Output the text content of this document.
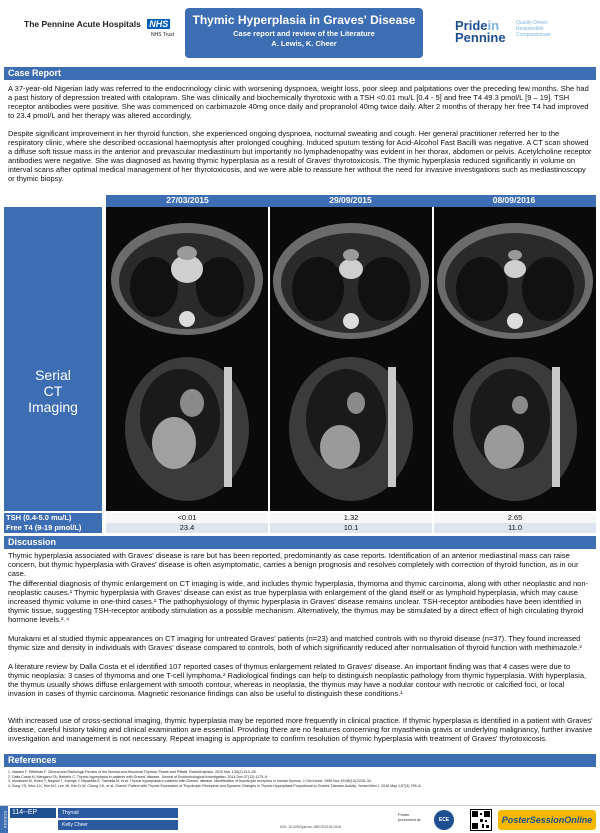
The Pennine Acute Hospitals NHS
NHS Trust
Thymic Hyperplasia in Graves' Disease
Case report and review of the Literature
A. Lewis, K. Cheer
Pridein
Pennine
Quality-Driven
Responsible
Compassionate
Case Report

A 37-year-old Nigerian lady was referred to the endocrinology clinic with worsening dyspnoea, weight loss, poor sleep and palpitations over the preceding few months. She had a past history of depression treated with citalopram. She was clinically and biochemically thyrotoxic with a TSH <0.01 mu/L [0.4 - 5] and free T4 49.3 pmol/L [9 – 19]. TSH receptor antibodies were positive. She was commenced on carbimazole 40mg once daily and propranolol 40mg twice daily. After 2 months of therapy her free T4 had improved to 23.4 pmol/L and her therapy was altered accordingly.

Despite significant improvement in her thyroid function, she experienced ongoing dyspnoea, nocturnal sweating and cough. Her general practitioner referred her to the respiratory clinic, where she described occasional haemoptysis after prolonged coughing. Induced sputum testing for Acid-Alcohol Fast Bacilli was negative. A CT scan showed a diffuse soft tissue mass in the anterior and prevascular mediastinum but importantly no lymphadenopathy was evident in her thorax, abdomen or pelvis. Acetylcholine receptor antibodies were negative. She was diagnosed as having thymic hyperplasia as a result of Graves' thyrotoxicosis. The thymic hyperplasia reduced significantly in volume on interval scans after optimal medical management of her thyrotoxicosis, and we were able to reassure her without the need for invasive investigations such as mediastinoscopy or thymic biopsy.

27/03/2015	29/09/2015	08/09/2016
Serial
CT
Imaging
TSH (0.4-5.0 mu/L)	<0.01	1.32	2.65
Free T4 (9-19 pmol/L)	23.4	10.1	11.0
Discussion

Thymic hyperplasia associated with Graves' disease is rare but has been reported, predominantly as case reports. Identification of an anterior mediastinal mass can raise concern, but thymic hyperplasia with Graves' disease is often asymptomatic, carries a benign prognosis and resolves completely with correction of thyroid function, as in our case.

The differential diagnosis of thymic enlargement on CT imaging is wide, and includes thymic hyperplasia, thymoma and thymic carcinoma, along with other neoplastic and non-neoplastic causes.¹ Thymic hyperplasia with Graves' disease can exist as true hyperplasia with enlargement of the gland itself or as lymphoid hyperplasia, which may cause increased thymic volume in one-third cases.² The pathophysiology of thymic hyperplasia in Graves' disease remains unclear. TSH-receptor antibodies have been identified in thymic tissue, suggesting TSH-receptor antibody stimulation as a possible mechanism. Alternatively, the thymus may be stimulated by a direct effect of high circulating thyroid hormone levels.²˒⁴

Murakami et al studied thymic appearances on CT imaging for untreated Graves' patients (n=23) and matched controls with no thyroid disease (n=37). They found increased thymic size and density in individuals with Graves' disease compared to controls, both of which significantly reduced after normalisation of thyroid function with methimazole.³

A literature review by Dalla Costa et el identified 107 reported cases of thymus enlargement related to Graves' disease. An important finding was that 4 cases were due to thymic neoplasia: 3 cases of thymoma and one T-cell lymphoma.² Radiological findings can help to distinguish neoplastic pathology from thymic hyperplasia. With hyperplasia, the thymus usually shows diffuse enlargement with smooth contour, whereas in neoplasia, the thymus may have a nodular contour with necrotic or calcified foci, or local invasion in cases of thymic carcinoma. Magnetic resonance findings can also be useful to distinguish these conditions.¹

With increased use of cross-sectional imaging, thymic hyperplasia may be reported more frequently in clinical practice. If thymic hyperplasia is identified in a patient with Graves' disease, careful history taking and clinical examination are essential. Providing there are no features concerning for myasthenia gravis or underlying malignancy, further invasive investigation and management is not necessary. Repeat imaging is appropriate to confirm resolution of thymic hyperplasia with treatment of Graves' thyrotoxicosis.

References
1. Nasseri F, Eftekhari F. Clinical and Radiologic Review of the Normal and Abnormal Thymus: Pearls and Pitfalls. RadioGraphics. 2010 Mar 1;30(2):413–28.
2. Dalla Costa M, Mangano FA, Betterle C. Thymic hyperplasia in patients with Graves' disease. Journal of Endocrinological Investigation. 2014 Dec;37(12):1175–9.
3. Murakami M, Hosoi Y, Negishi T, Kamiya Y, Miyashita K, Yamada M, et al. Thymic hyperplasia in patients with Graves' disease. Identification of thyrotropin receptors in human thymus. J Clin Invest. 1996 Nov 15;98(10):2228–34.
4. Song YS, Won J-K, Kim MJ, Lee JH, Kim D-W, Chung J-K, et al. Graves' Patient with Thymic Expression of Thyrotropin Receptors and Dynamic Changes in Thymic Hyperplasia Proportional to Graves' Disease Activity. Yonsei Med J. 2016 May 1;57(3):795–8.
ECE2016 114--EP	Thyroid
Kelly Cheer	DOI: 10.3252/pso.eu.18ECE2016.2016
Poster presented at:	ECE	PosterSessionOnline
